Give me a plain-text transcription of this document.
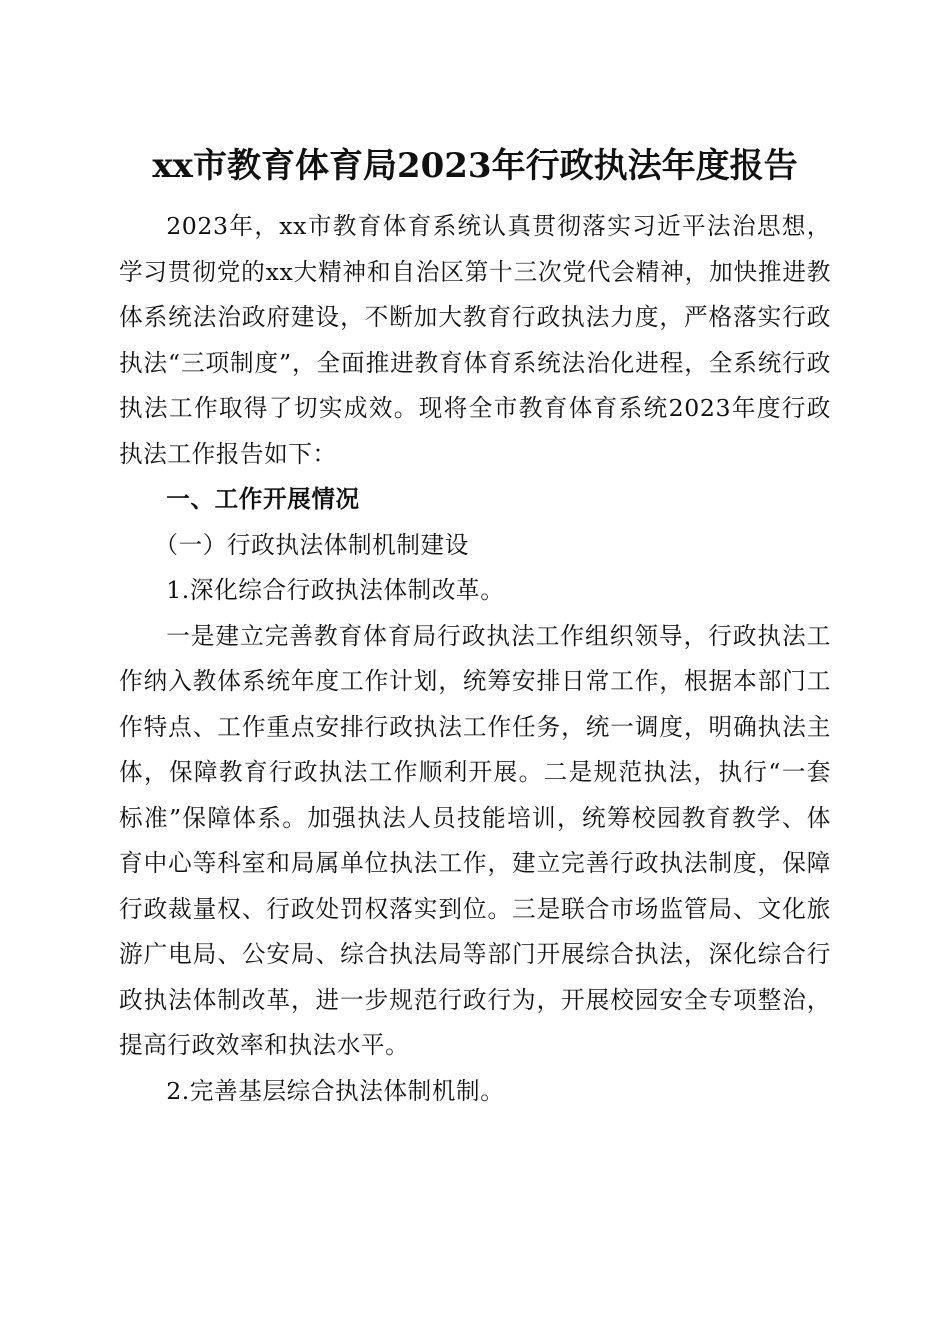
xx市教育体育局2023年行政执法年度报告

2023年，xx市教育体育系统认真贯彻落实习近平法治思想，学习贯彻党的xx大精神和自治区第十三次党代会精神，加快推进教体系统法治政府建设，不断加大教育行政执法力度，严格落实行政执法“三项制度”，全面推进教育体育系统法治化进程，全系统行政执法工作取得了切实成效。现将全市教育体育系统2023年度行政执法工作报告如下：

一、工作开展情况
（一）行政执法体制机制建设

1.深化综合行政执法体制改革。

一是建立完善教育体育局行政执法工作组织领导，行政执法工作纳入教体系统年度工作计划，统筹安排日常工作，根据本部门工作特点、工作重点安排行政执法工作任务，统一调度，明确执法主体，保障教育行政执法工作顺利开展。二是规范执法，执行“一套标准”保障体系。加强执法人员技能培训，统筹校园教育教学、体育中心等科室和局属单位执法工作，建立完善行政执法制度，保障行政裁量权、行政处罚权落实到位。三是联合市场监管局、文化旅游广电局、公安局、综合执法局等部门开展综合执法，深化综合行政执法体制改革，进一步规范行政行为，开展校园安全专项整治，提高行政效率和执法水平。

2.完善基层综合执法体制机制。
